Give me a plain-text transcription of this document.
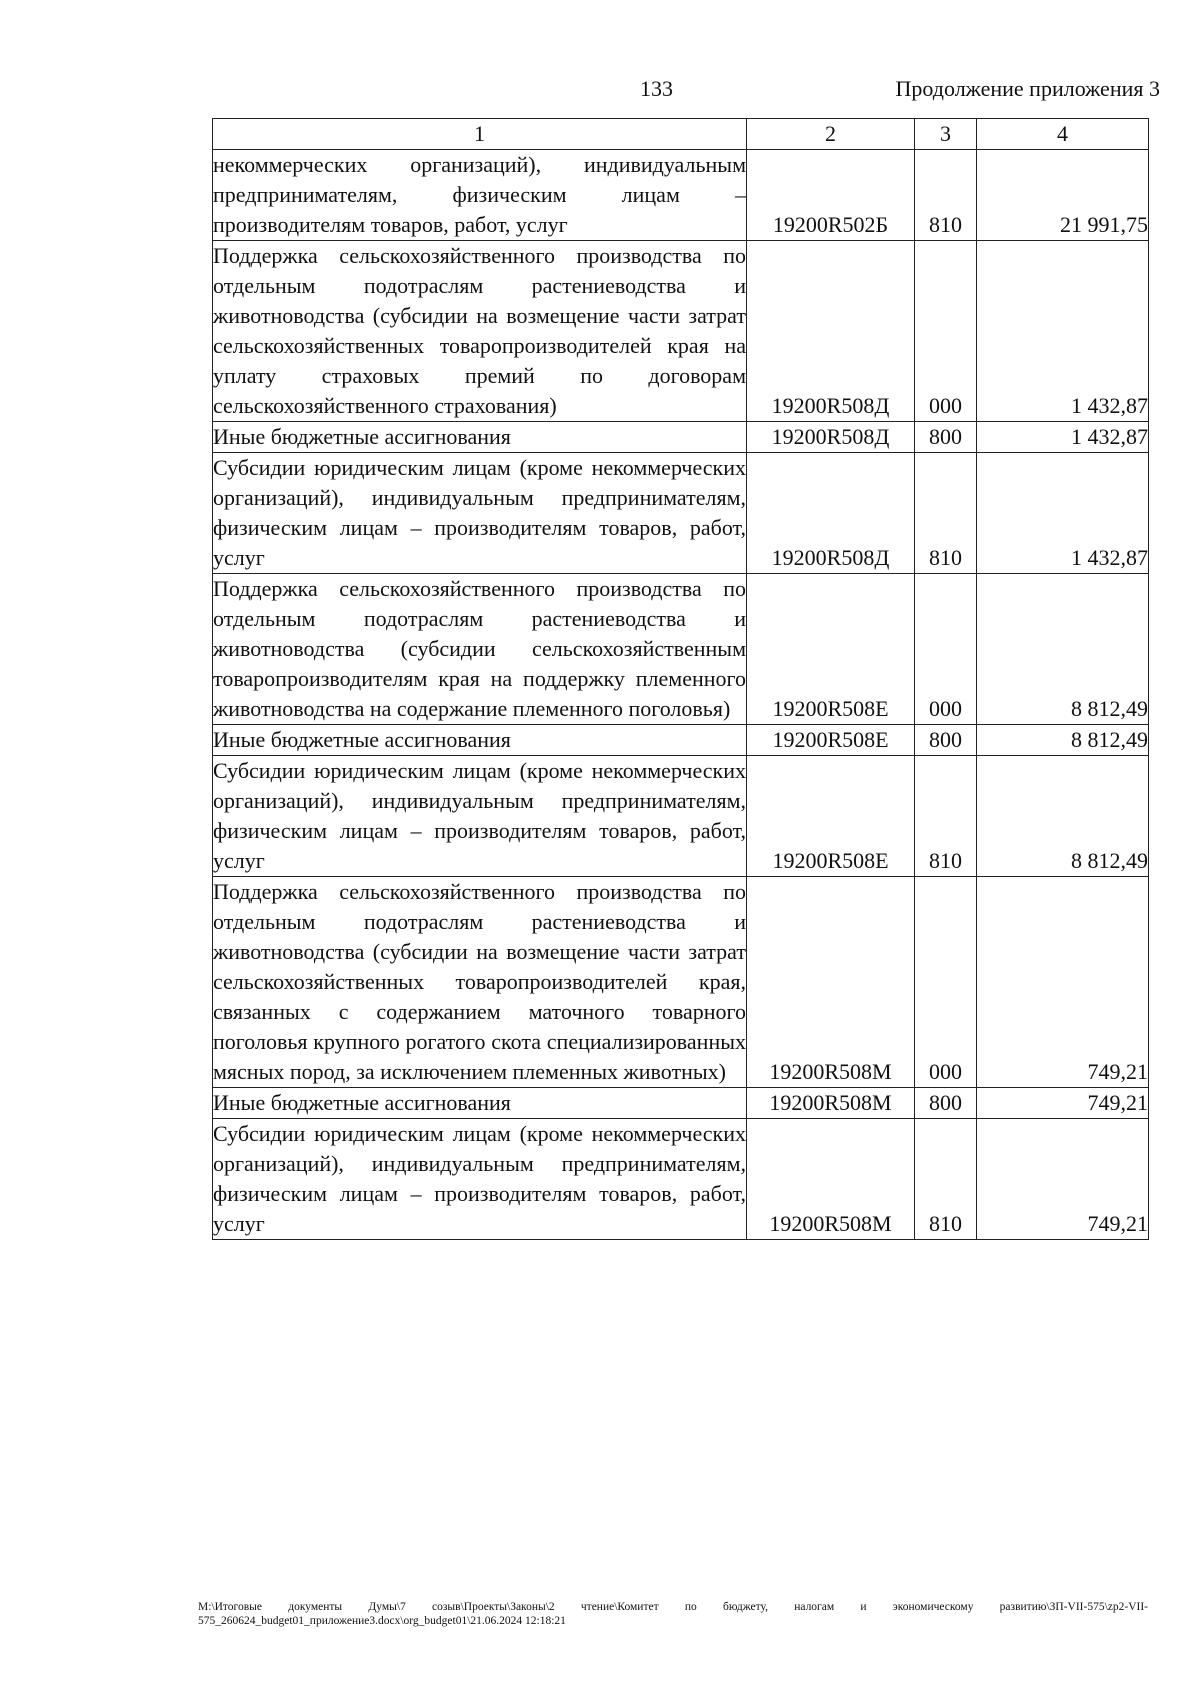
133	Продолжение приложения 3
1	2	3	4
некоммерческих организаций), индивидуальным предпринимателям, физическим лицам – производителям товаров, работ, услуг	19200R502Б	810	21 991,75
Поддержка сельскохозяйственного производства по отдельным подотраслям растениеводства и животноводства (субсидии на возмещение части затрат сельскохозяйственных товаропроизводителей края на уплату страховых премий по договорам сельскохозяйственного страхования)	19200R508Д	000	1 432,87
Иные бюджетные ассигнования	19200R508Д	800	1 432,87
Субсидии юридическим лицам (кроме некоммерческих организаций), индивидуальным предпринимателям, физическим лицам – производителям товаров, работ, услуг	19200R508Д	810	1 432,87
Поддержка сельскохозяйственного производства по отдельным подотраслям растениеводства и животноводства (субсидии сельскохозяйственным товаропроизводителям края на поддержку племенного животноводства на содержание племенного поголовья)	19200R508Е	000	8 812,49
Иные бюджетные ассигнования	19200R508Е	800	8 812,49
Субсидии юридическим лицам (кроме некоммерческих организаций), индивидуальным предпринимателям, физическим лицам – производителям товаров, работ, услуг	19200R508Е	810	8 812,49
Поддержка сельскохозяйственного производства по отдельным подотраслям растениеводства и животноводства (субсидии на возмещение части затрат сельскохозяйственных товаропроизводителей края, связанных с содержанием маточного товарного поголовья крупного рогатого скота специализированных мясных пород, за исключением племенных животных)	19200R508М	000	749,21
Иные бюджетные ассигнования	19200R508М	800	749,21
Субсидии юридическим лицам (кроме некоммерческих организаций), индивидуальным предпринимателям, физическим лицам – производителям товаров, работ, услуг	19200R508М	810	749,21
М:\Итоговые документы Думы\7 созыв\Проекты\Законы\2 чтение\Комитет по бюджету, налогам и экономическому развитию\ЗП-VII-575\zp2-VII-575_260624_budget01_приложение3.docx\org_budget01\21.06.2024 12:18:21
